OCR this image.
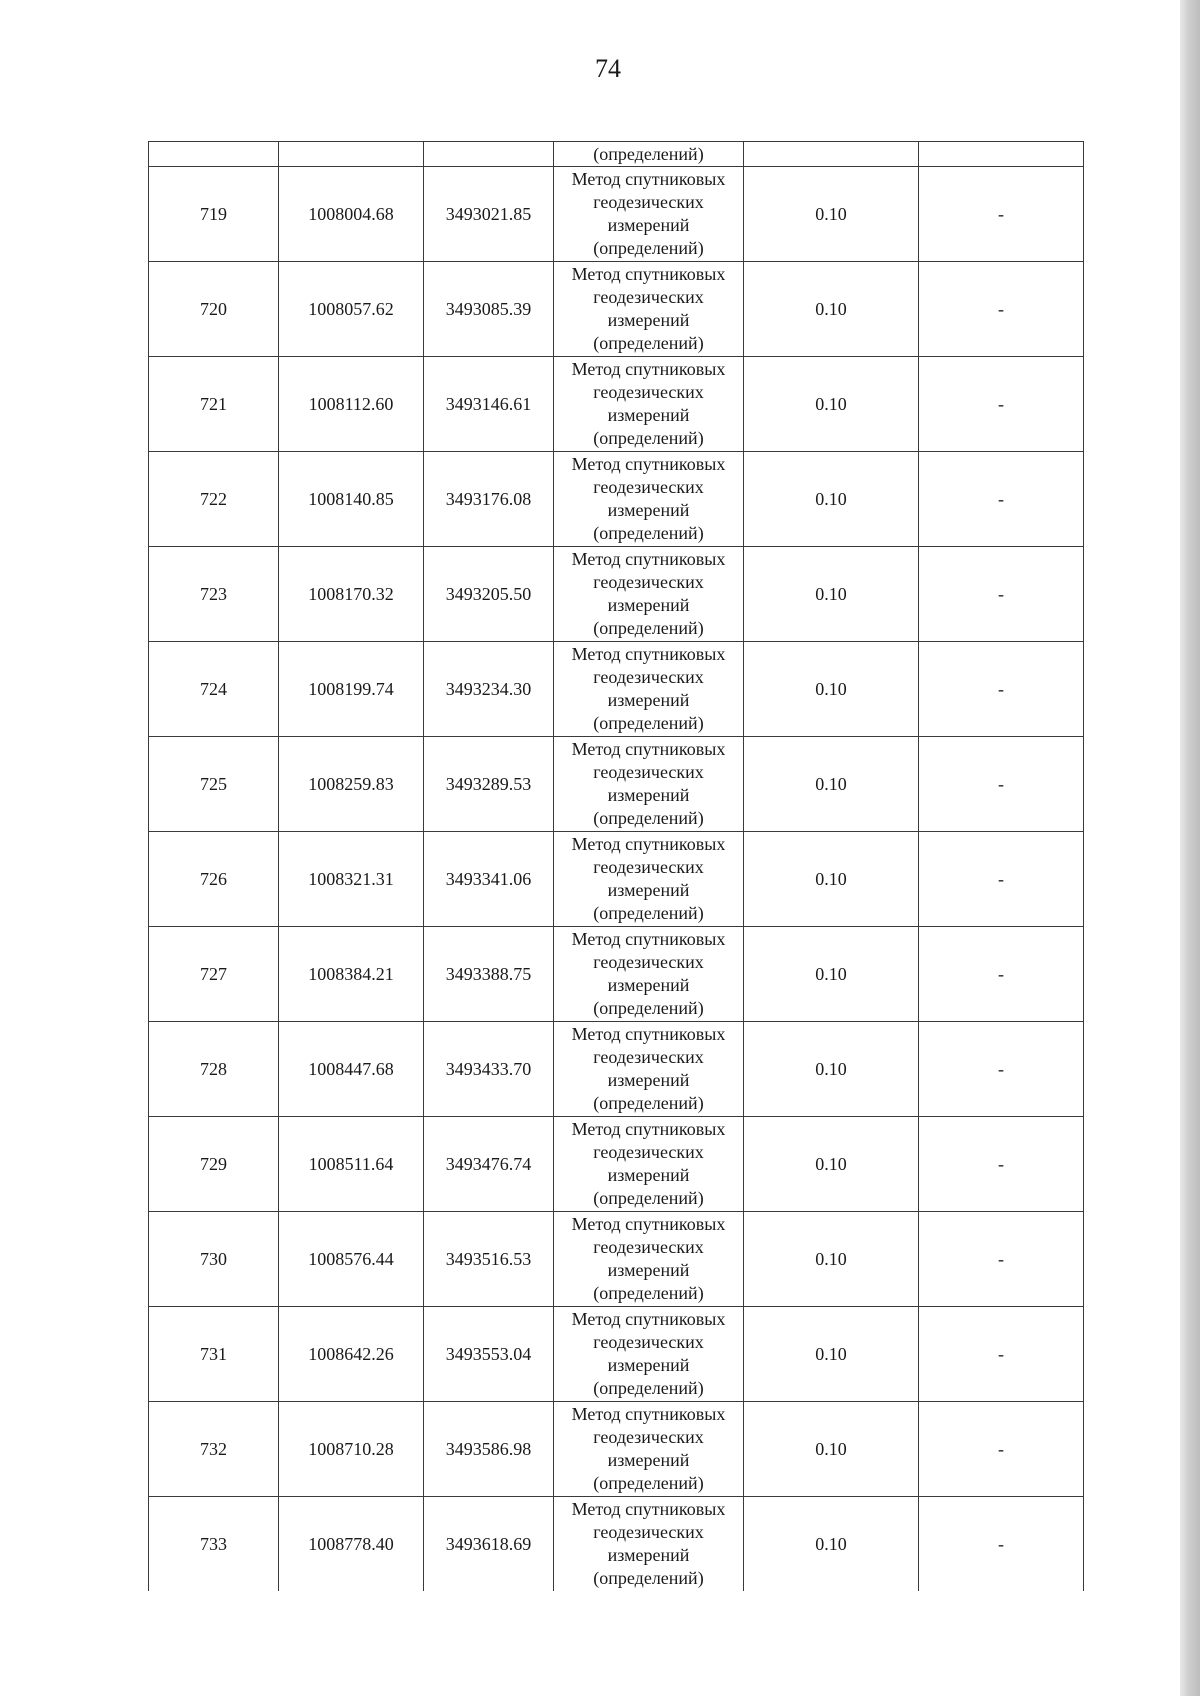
74
			(определений)		
719	1008004.68	3493021.85	Метод спутниковых
геодезических
измерений
(определений)	0.10	-
720	1008057.62	3493085.39	Метод спутниковых
геодезических
измерений
(определений)	0.10	-
721	1008112.60	3493146.61	Метод спутниковых
геодезических
измерений
(определений)	0.10	-
722	1008140.85	3493176.08	Метод спутниковых
геодезических
измерений
(определений)	0.10	-
723	1008170.32	3493205.50	Метод спутниковых
геодезических
измерений
(определений)	0.10	-
724	1008199.74	3493234.30	Метод спутниковых
геодезических
измерений
(определений)	0.10	-
725	1008259.83	3493289.53	Метод спутниковых
геодезических
измерений
(определений)	0.10	-
726	1008321.31	3493341.06	Метод спутниковых
геодезических
измерений
(определений)	0.10	-
727	1008384.21	3493388.75	Метод спутниковых
геодезических
измерений
(определений)	0.10	-
728	1008447.68	3493433.70	Метод спутниковых
геодезических
измерений
(определений)	0.10	-
729	1008511.64	3493476.74	Метод спутниковых
геодезических
измерений
(определений)	0.10	-
730	1008576.44	3493516.53	Метод спутниковых
геодезических
измерений
(определений)	0.10	-
731	1008642.26	3493553.04	Метод спутниковых
геодезических
измерений
(определений)	0.10	-
732	1008710.28	3493586.98	Метод спутниковых
геодезических
измерений
(определений)	0.10	-
733	1008778.40	3493618.69	Метод спутниковых
геодезических
измерений
(определений)	0.10	-
